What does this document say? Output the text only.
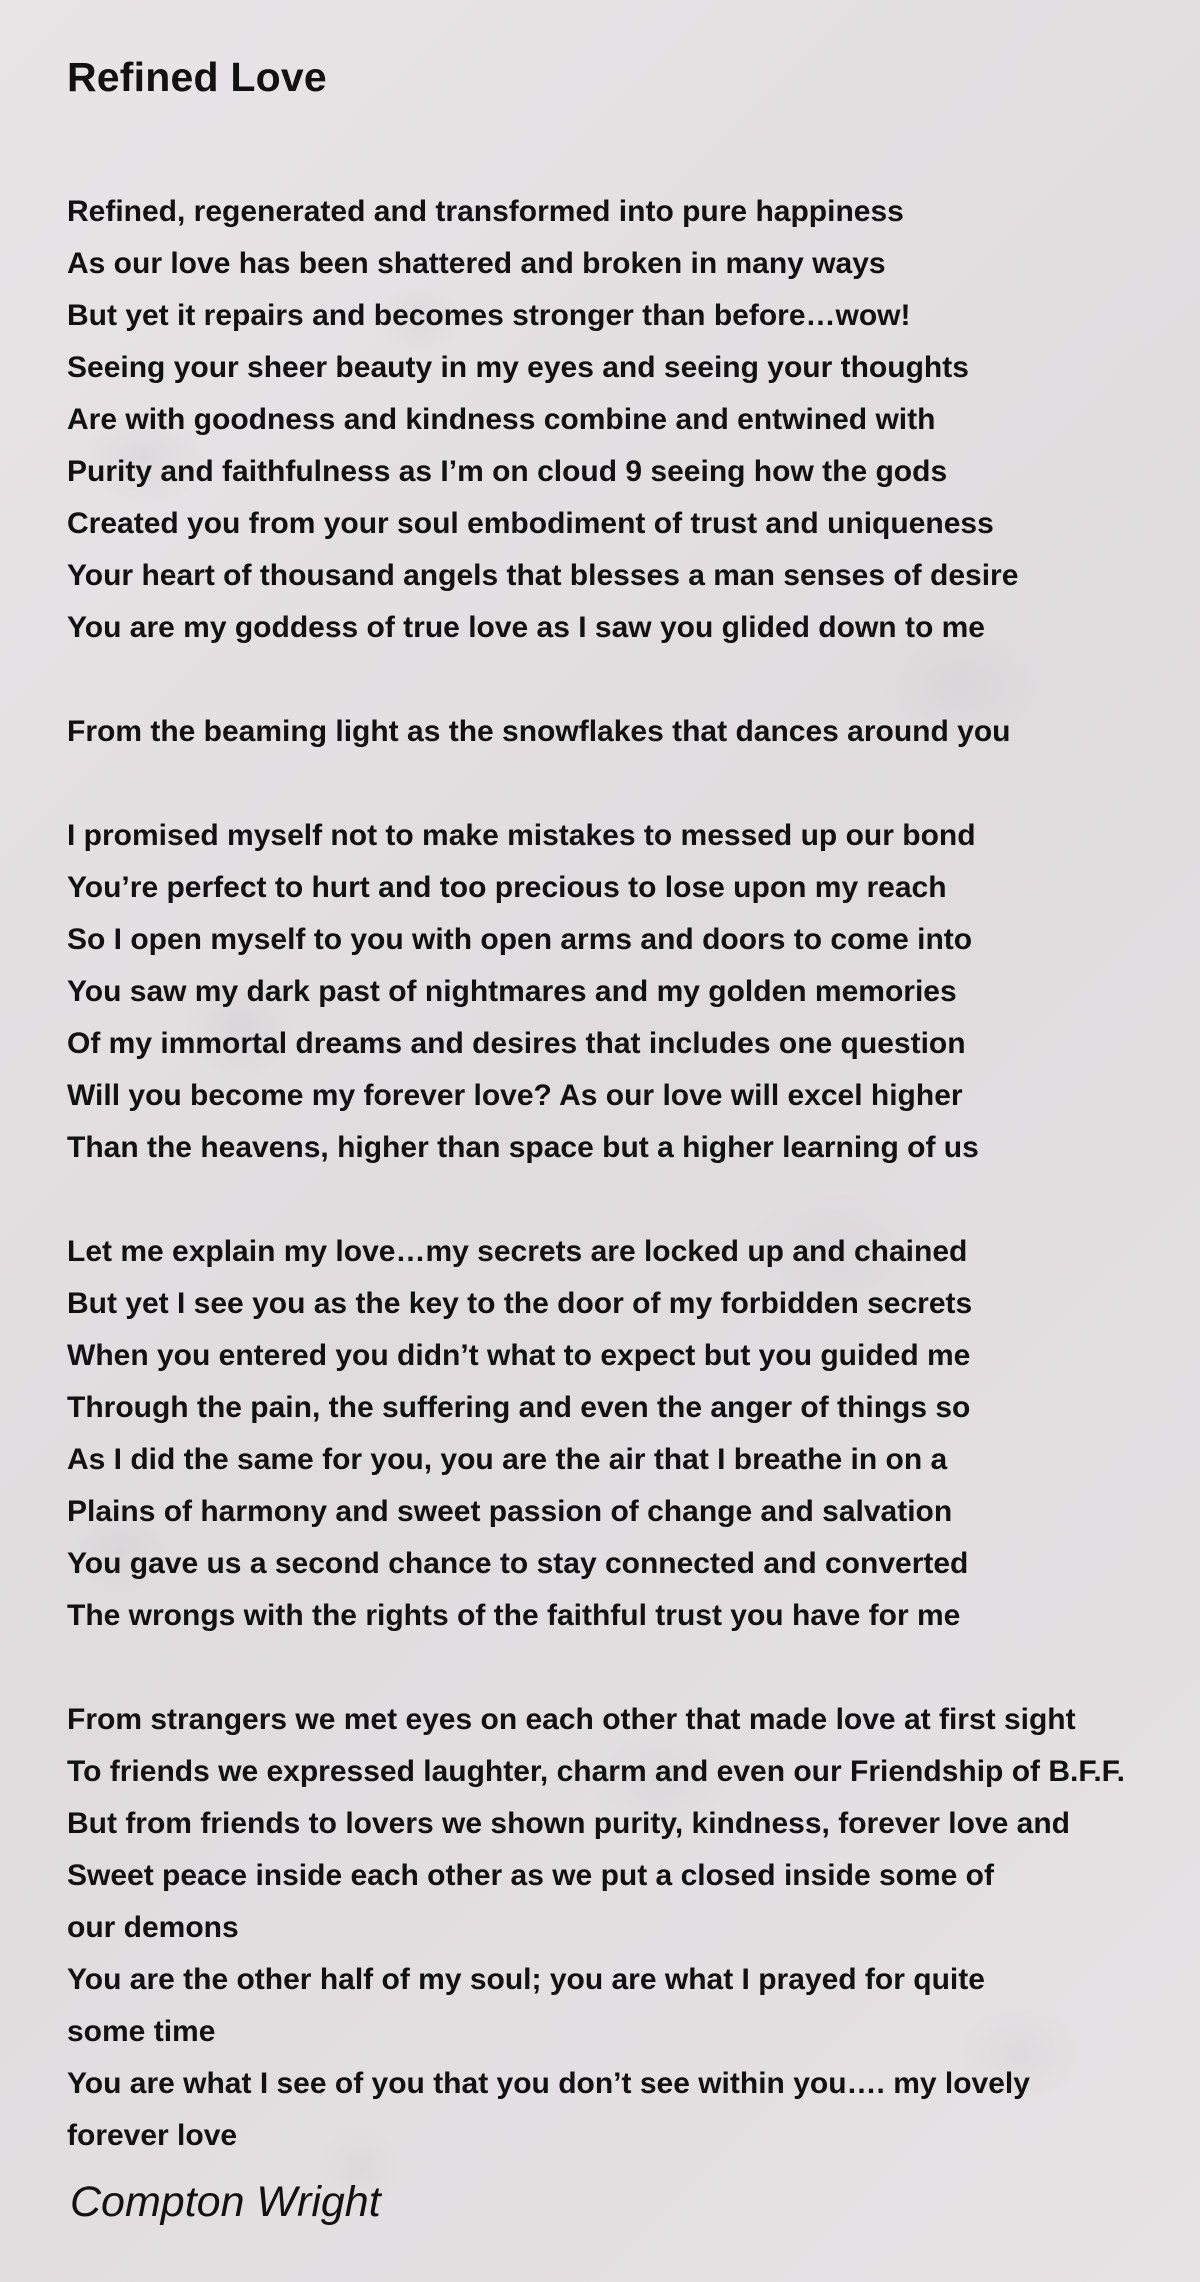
Refined Love
Refined, regenerated and transformed into pure happiness
As our love has been shattered and broken in many ways
But yet it repairs and becomes stronger than before…wow!
Seeing your sheer beauty in my eyes and seeing your thoughts
Are with goodness and kindness combine and entwined with
Purity and faithfulness as I’m on cloud 9 seeing how the gods
Created you from your soul embodiment of trust and uniqueness
Your heart of thousand angels that blesses a man senses of desire
You are my goddess of true love as I saw you glided down to me
From the beaming light as the snowflakes that dances around you
I promised myself not to make mistakes to messed up our bond
You’re perfect to hurt and too precious to lose upon my reach
So I open myself to you with open arms and doors to come into
You saw my dark past of nightmares and my golden memories
Of my immortal dreams and desires that includes one question
Will you become my forever love? As our love will excel higher
Than the heavens, higher than space but a higher learning of us
Let me explain my love…my secrets are locked up and chained
But yet I see you as the key to the door of my forbidden secrets
When you entered you didn’t what to expect but you guided me
Through the pain, the suffering and even the anger of things so
As I did the same for you, you are the air that I breathe in on a
Plains of harmony and sweet passion of change and salvation
You gave us a second chance to stay connected and converted
The wrongs with the rights of the faithful trust you have for me
From strangers we met eyes on each other that made love at first sight
To friends we expressed laughter, charm and even our Friendship of B.F.F.
But from friends to lovers we shown purity, kindness, forever love and
Sweet peace inside each other as we put a closed inside some of
our demons
You are the other half of my soul; you are what I prayed for quite
some time
You are what I see of you that you don’t see within you…. my lovely
forever love

Compton Wright
